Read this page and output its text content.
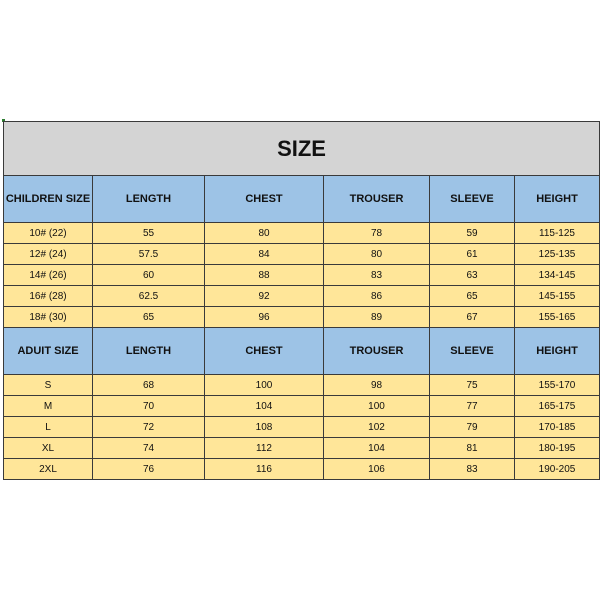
SIZE					
CHILDREN SIZE	LENGTH	CHEST	TROUSER	SLEEVE	HEIGHT
10# (22)	55	80	78	59	115-125
12# (24)	57.5	84	80	61	125-135
14# (26)	60	88	83	63	134-145
16# (28)	62.5	92	86	65	145-155
18# (30)	65	96	89	67	155-165
ADUIT SIZE	LENGTH	CHEST	TROUSER	SLEEVE	HEIGHT
S	68	100	98	75	155-170
M	70	104	100	77	165-175
L	72	108	102	79	170-185
XL	74	112	104	81	180-195
2XL	76	116	106	83	190-205
